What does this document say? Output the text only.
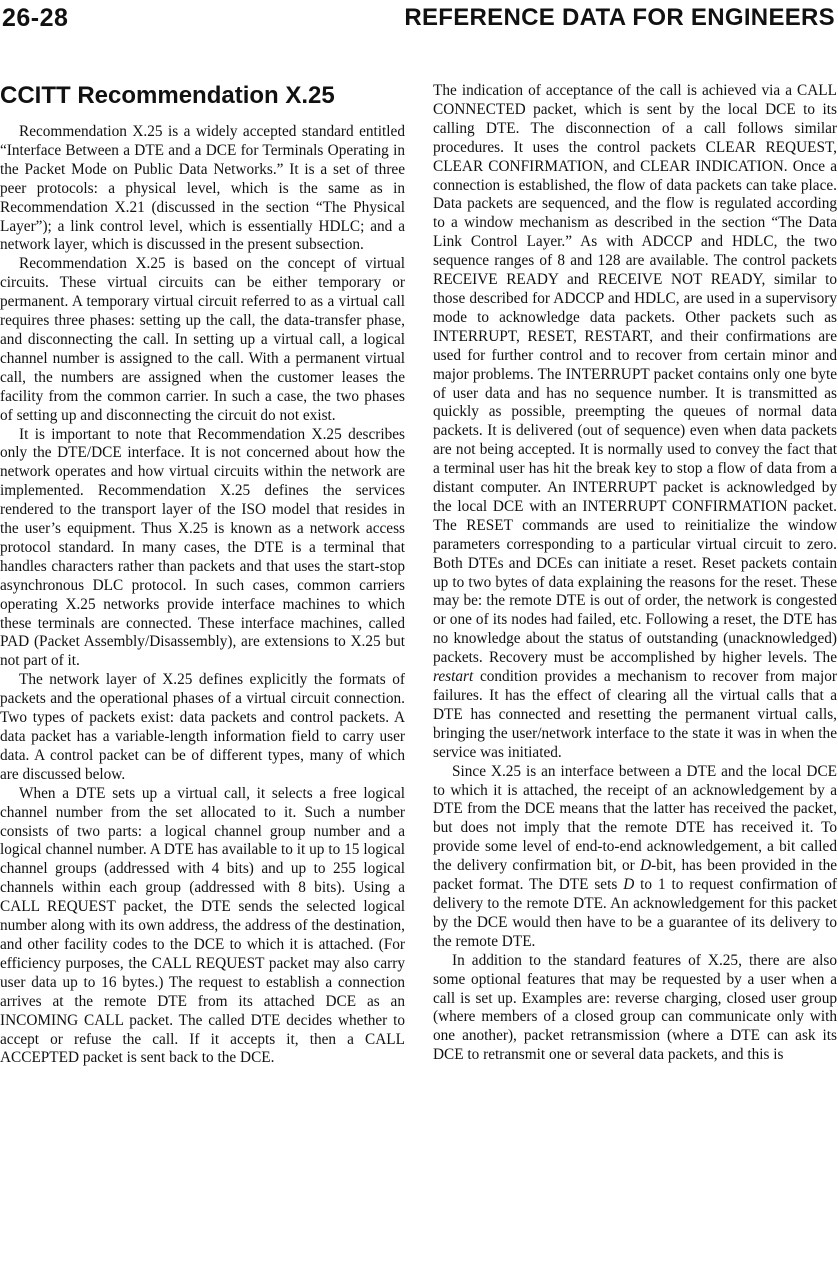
26-28	REFERENCE DATA FOR ENGINEERS
CCITT Recommendation X.25

Recommendation X.25 is a widely accepted standard entitled “Interface Between a DTE and a DCE for Terminals Operating in the Packet Mode on Public Data Networks.” It is a set of three peer protocols: a physical level, which is the same as in Recommendation X.21 (discussed in the section “The Physical Layer”); a link control level, which is essentially HDLC; and a network layer, which is discussed in the present subsection.

Recommendation X.25 is based on the concept of virtual circuits. These virtual circuits can be either temporary or permanent. A temporary virtual circuit referred to as a virtual call requires three phases: setting up the call, the data-transfer phase, and disconnecting the call. In setting up a virtual call, a logical channel number is assigned to the call. With a permanent virtual call, the numbers are assigned when the customer leases the facility from the common carrier. In such a case, the two phases of setting up and disconnecting the circuit do not exist.

It is important to note that Recommendation X.25 describes only the DTE/DCE interface. It is not concerned about how the network operates and how virtual circuits within the network are implemented. Recommendation X.25 defines the services rendered to the transport layer of the ISO model that resides in the user’s equipment. Thus X.25 is known as a network access protocol standard. In many cases, the DTE is a terminal that handles characters rather than packets and that uses the start-stop asynchronous DLC protocol. In such cases, common carriers operating X.25 networks provide interface machines to which these terminals are connected. These interface machines, called PAD (Packet Assembly/Disassembly), are extensions to X.25 but not part of it.

The network layer of X.25 defines explicitly the formats of packets and the operational phases of a virtual circuit connection. Two types of packets exist: data packets and control packets. A data packet has a variable-length information field to carry user data. A control packet can be of different types, many of which are discussed below.

When a DTE sets up a virtual call, it selects a free logical channel number from the set allocated to it. Such a number consists of two parts: a logical channel group number and a logical channel number. A DTE has available to it up to 15 logical channel groups (addressed with 4 bits) and up to 255 logical channels within each group (addressed with 8 bits). Using a CALL REQUEST packet, the DTE sends the selected logical number along with its own address, the address of the destination, and other facility codes to the DCE to which it is attached. (For efficiency purposes, the CALL REQUEST packet may also carry user data up to 16 bytes.) The request to establish a connection arrives at the remote DTE from its attached DCE as an INCOMING CALL packet. The called DTE decides whether to accept or refuse the call. If it accepts it, then a CALL ACCEPTED packet is sent back to the DCE.

The indication of acceptance of the call is achieved via a CALL CONNECTED packet, which is sent by the local DCE to its calling DTE. The disconnection of a call follows similar procedures. It uses the control packets CLEAR REQUEST, CLEAR CONFIRMATION, and CLEAR INDICATION. Once a connection is established, the flow of data packets can take place. Data packets are sequenced, and the flow is regulated according to a window mechanism as described in the section “The Data Link Control Layer.” As with ADCCP and HDLC, the two sequence ranges of 8 and 128 are available. The control packets RECEIVE READY and RECEIVE NOT READY, similar to those described for ADCCP and HDLC, are used in a supervisory mode to acknowledge data packets. Other packets such as INTERRUPT, RESET, RESTART, and their confirmations are used for further control and to recover from certain minor and major problems. The INTERRUPT packet contains only one byte of user data and has no sequence number. It is transmitted as quickly as possible, preempting the queues of normal data packets. It is delivered (out of sequence) even when data packets are not being accepted. It is normally used to convey the fact that a terminal user has hit the break key to stop a flow of data from a distant computer. An INTERRUPT packet is acknowledged by the local DCE with an INTERRUPT CONFIRMATION packet. The RESET commands are used to reinitialize the window parameters corresponding to a particular virtual circuit to zero. Both DTEs and DCEs can initiate a reset. Reset packets contain up to two bytes of data explaining the reasons for the reset. These may be: the remote DTE is out of order, the network is congested or one of its nodes had failed, etc. Following a reset, the DTE has no knowledge about the status of outstanding (unacknowledged) packets. Recovery must be accomplished by higher levels. The restart condition provides a mechanism to recover from major failures. It has the effect of clearing all the virtual calls that a DTE has connected and resetting the permanent virtual calls, bringing the user/network interface to the state it was in when the service was initiated.

Since X.25 is an interface between a DTE and the local DCE to which it is attached, the receipt of an acknowledgement by a DTE from the DCE means that the latter has received the packet, but does not imply that the remote DTE has received it. To provide some level of end-to-end acknowledgement, a bit called the delivery confirmation bit, or D-bit, has been provided in the packet format. The DTE sets D to 1 to request confirmation of delivery to the remote DTE. An acknowledgement for this packet by the DCE would then have to be a guarantee of its delivery to the remote DTE.

In addition to the standard features of X.25, there are also some optional features that may be requested by a user when a call is set up. Examples are: reverse charging, closed user group (where members of a closed group can communicate only with one another), packet retransmission (where a DTE can ask its DCE to retransmit one or several data packets, and this is
